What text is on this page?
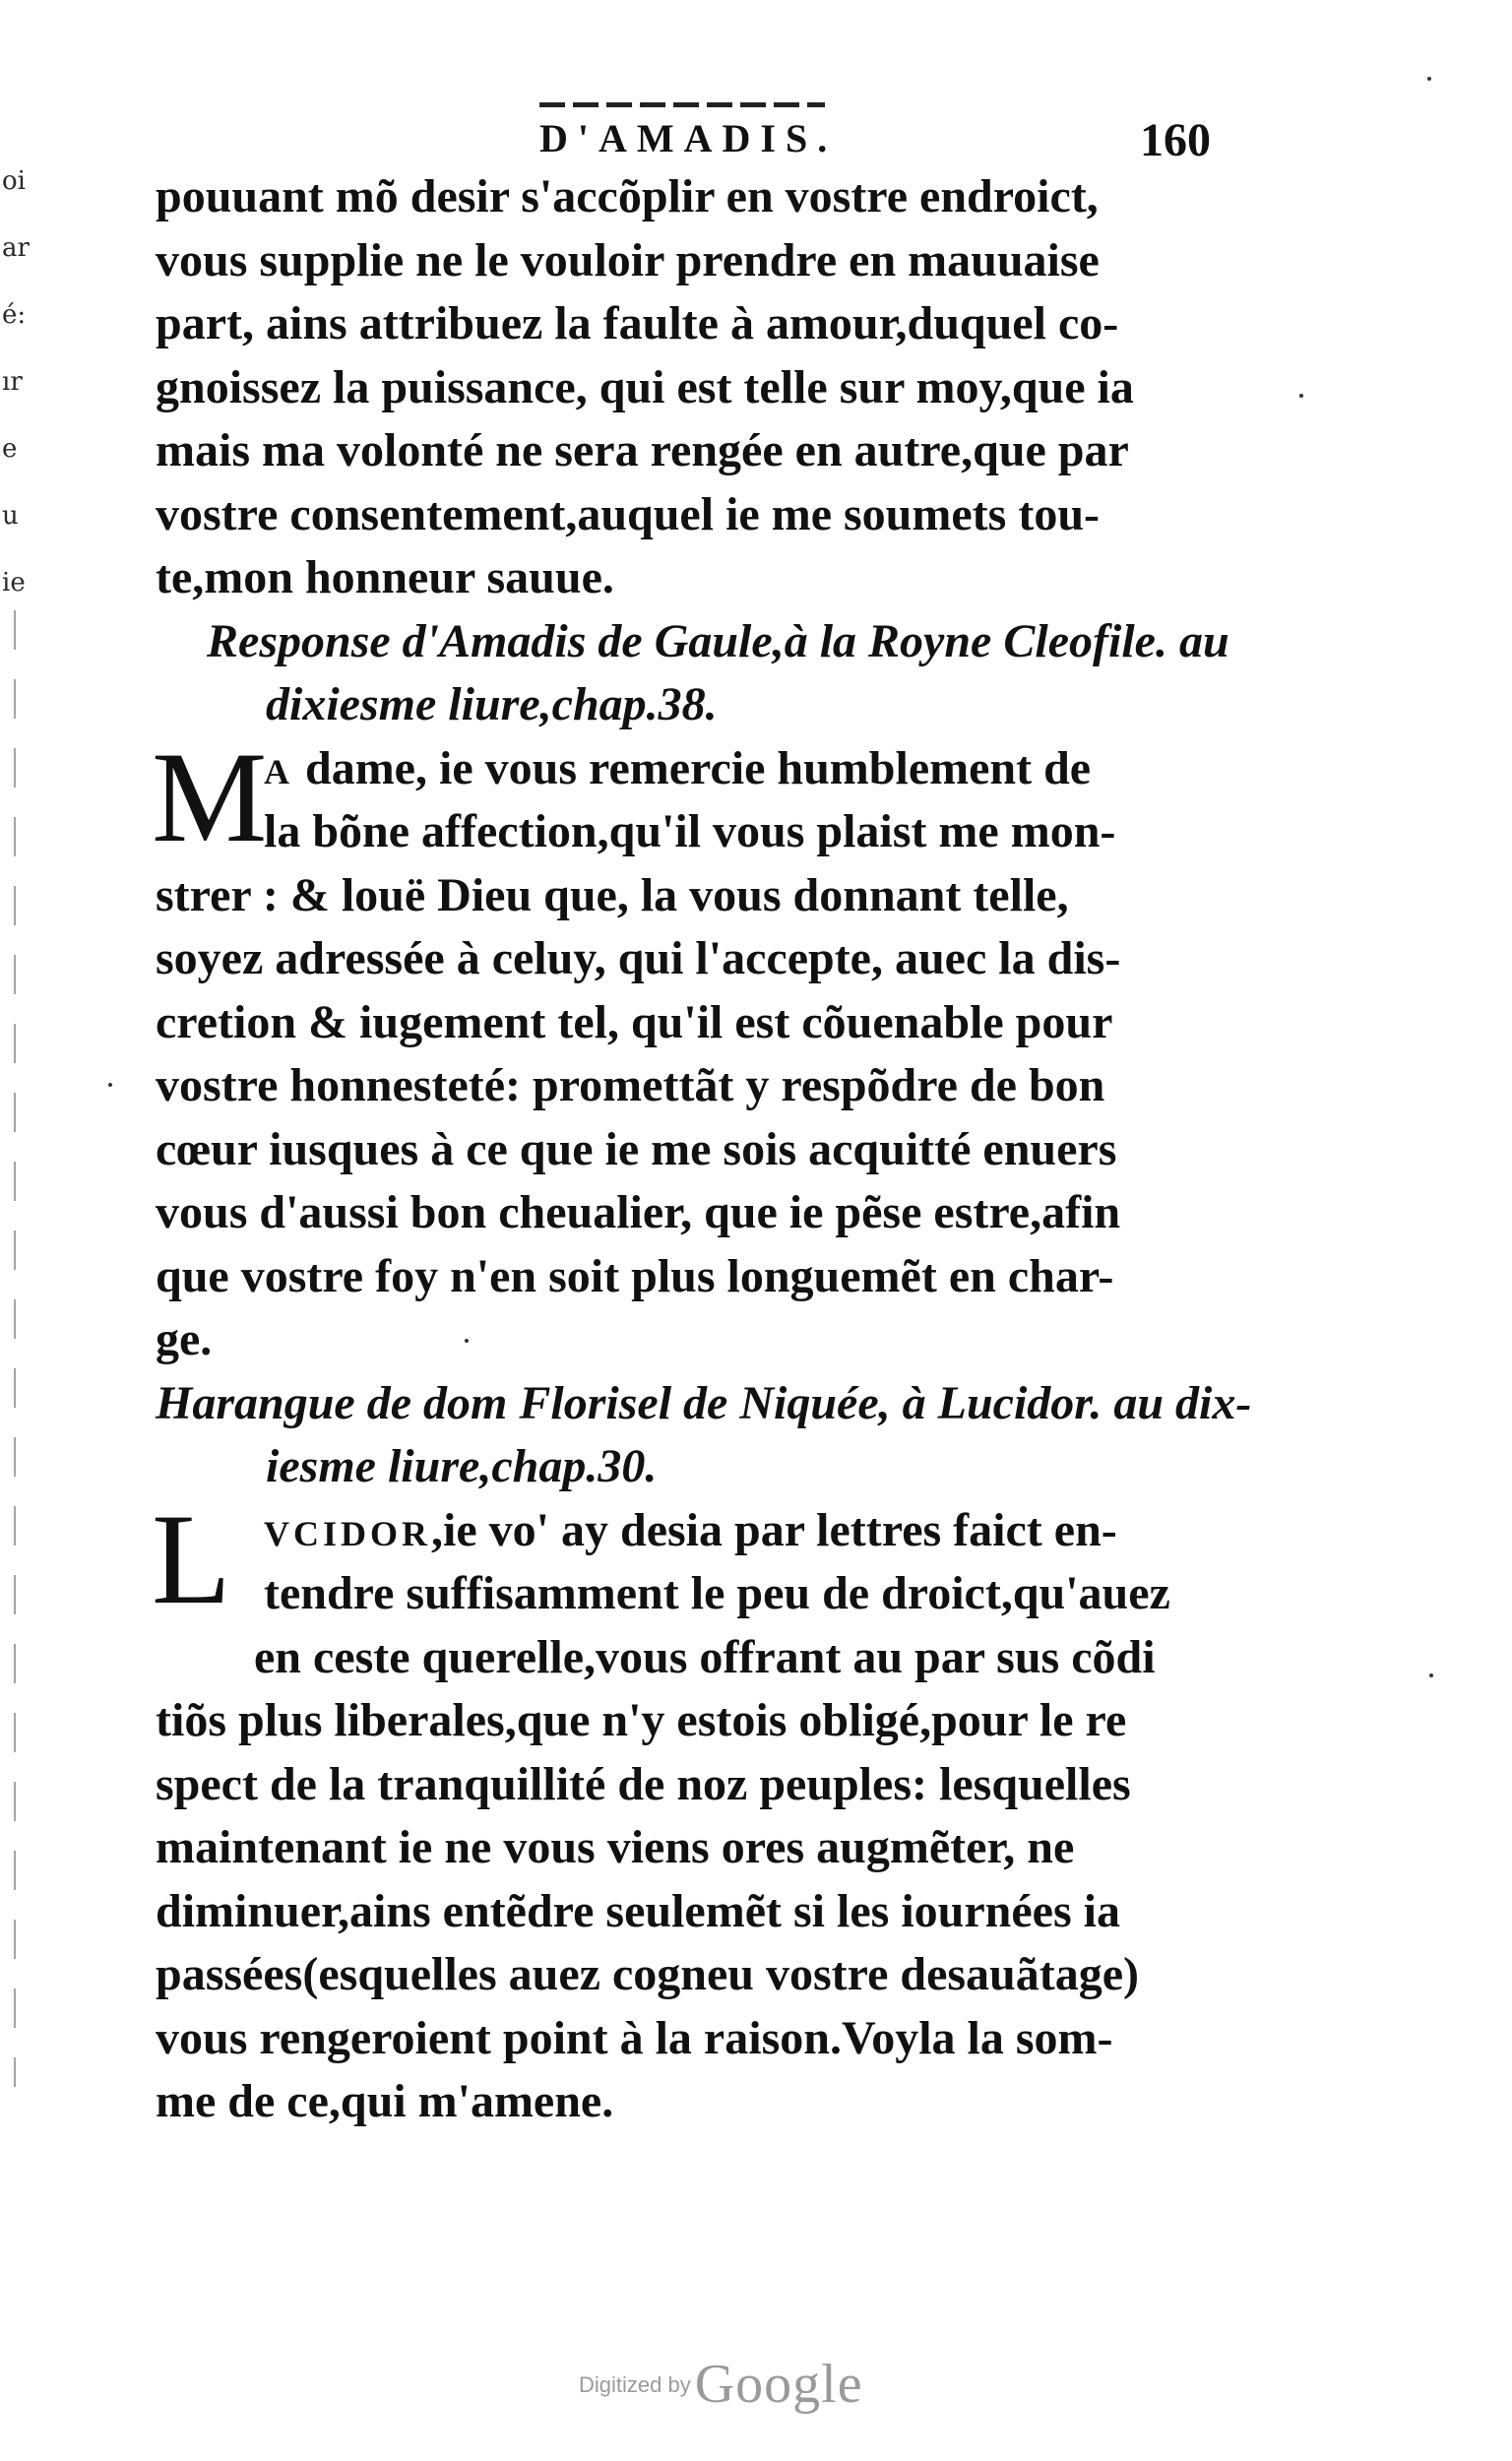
oi
ar
é:
ır
e
u
ie
D'AMADIS.	160
pouuant mõ desir s'accõplir en vostre endroict,
vous supplie ne le vouloir prendre en mauuaise
part, ains attribuez la faulte à amour,duquel co-
gnoissez la puissance, qui est telle sur moy,que ia
mais ma volonté ne sera rengée en autre,que par
vostre consentement,auquel ie me soumets tou-
te,mon honneur sauue.
Response d'Amadis de Gaule,à la Royne Cleofile. au
dixiesme liure,chap.38.
M
A dame, ie vous remercie humblement de
la bõne affection,qu'il vous plaist me mon-
strer : & louë Dieu que, la vous donnant telle,
soyez adressée à celuy, qui l'accepte, auec la dis-
cretion & iugement tel, qu'il est cõuenable pour
vostre honnesteté: promettãt y respõdre de bon
cœur iusques à ce que ie me sois acquitté enuers
vous d'aussi bon cheualier, que ie pẽse estre,afin
que vostre foy n'en soit plus longuemẽt en char-
ge.
Harangue de dom Florisel de Niquée, à Lucidor. au dix-
iesme liure,chap.30.
L VCIDOR,ie vo' ay desia par lettres faict en-
tendre suffisamment le peu de droict,qu'auez
en ceste querelle,vous offrant au par sus cõdi
tiõs plus liberales,que n'y estois obligé,pour le re
spect de la tranquillité de noz peuples: lesquelles
maintenant ie ne vous viens ores augmẽter, ne
diminuer,ains entẽdre seulemẽt si les iournées ia
passées(esquelles auez cogneu vostre desauãtage)
vous rengeroient point à la raison.Voyla la som-
me de ce,qui m'amene.
Digitized byGoogle
